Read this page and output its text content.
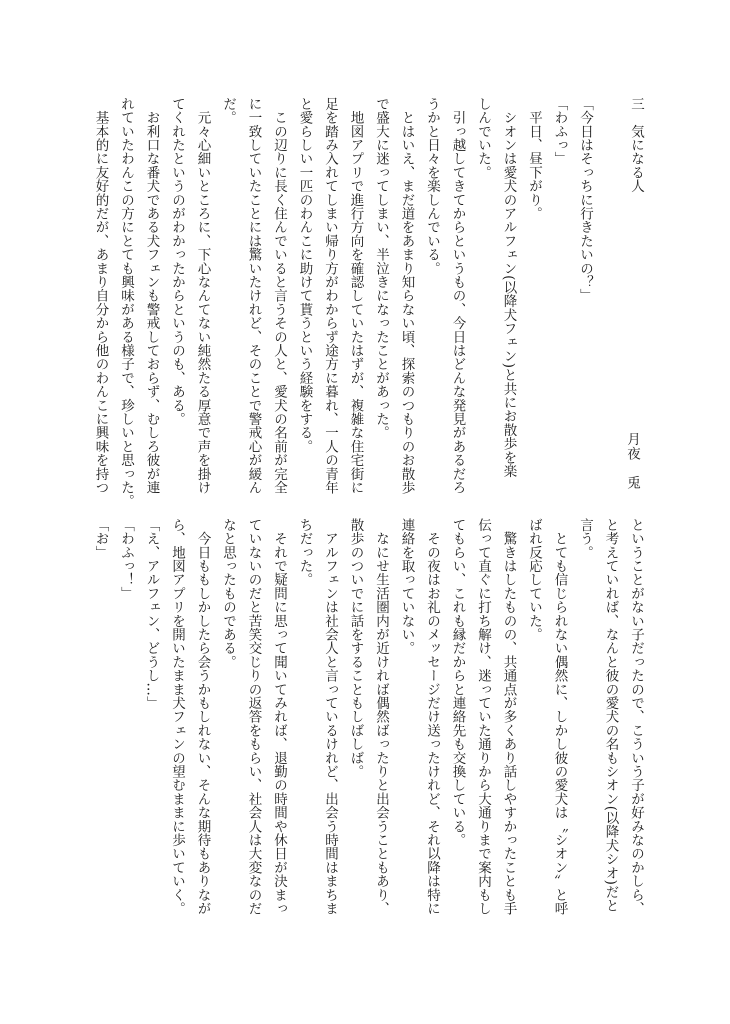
月夜　兎
三　気になる人

「今日はそっちに行きたいの？」
「わふっ」
　平日、昼下がり。
　シオンは愛犬のアルフェン(以降犬フェン)と共にお散歩を楽
しんでいた。
　引っ越してきてからというもの、今日はどんな発見があるだろ
うかと日々を楽しんでいる。
　とはいえ、まだ道をあまり知らない頃、探索のつもりのお散歩
で盛大に迷ってしまい、半泣きになったことがあった。
　地図アプリで進行方向を確認していたはずが、複雑な住宅街に
足を踏み入れてしまい帰り方がわからず途方に暮れ、一人の青年
と愛らしい一匹のわんこに助けて貰うという経験をする。
　この辺りに長く住んでいると言うその人と、愛犬の名前が完全
に一致していたことには驚いたけれど、そのことで警戒心が緩ん
だ。
　元々心細いところに、下心なんてない純然たる厚意で声を掛け
てくれたというのがわかったからというのも、ある。
　お利口な番犬である犬フェンも警戒しておらず、むしろ彼が連
れていたわんこの方にとても興味がある様子で、珍しいと思った。
　基本的に友好的だが、あまり自分から他のわんこに興味を持つ
ということがない子だったので、こういう子が好みなのかしら、
と考えていれば、なんと彼の愛犬の名もシオン(以降犬シオ)だと
言う。
　とても信じられない偶然に、しかし彼の愛犬は〝シオン〟と呼
ばれ反応していた。
　驚きはしたものの、共通点が多くあり話しやすかったことも手
伝って直ぐに打ち解け、迷っていた通りから大通りまで案内もし
てもらい、これも縁だからと連絡先も交換している。
　その夜はお礼のメッセージだけ送ったけれど、それ以降は特に
連絡を取っていない。
　なにせ生活圏内が近ければ偶然ばったりと出会うこともあり、
散歩のついでに話をすることもしばしば。
　アルフェンは社会人と言っているけれど、出会う時間はまちま
ちだった。
　それで疑問に思って聞いてみれば、退勤の時間や休日が決まっ
ていないのだと苦笑交じりの返答をもらい、社会人は大変なのだ
なと思ったものである。
　今日ももしかしたら会うかもしれない、そんな期待もありなが
ら、地図アプリを開いたまま犬フェンの望むままに歩いていく。
「え、アルフェン、どうし…」
「わふっ！」
「お」
